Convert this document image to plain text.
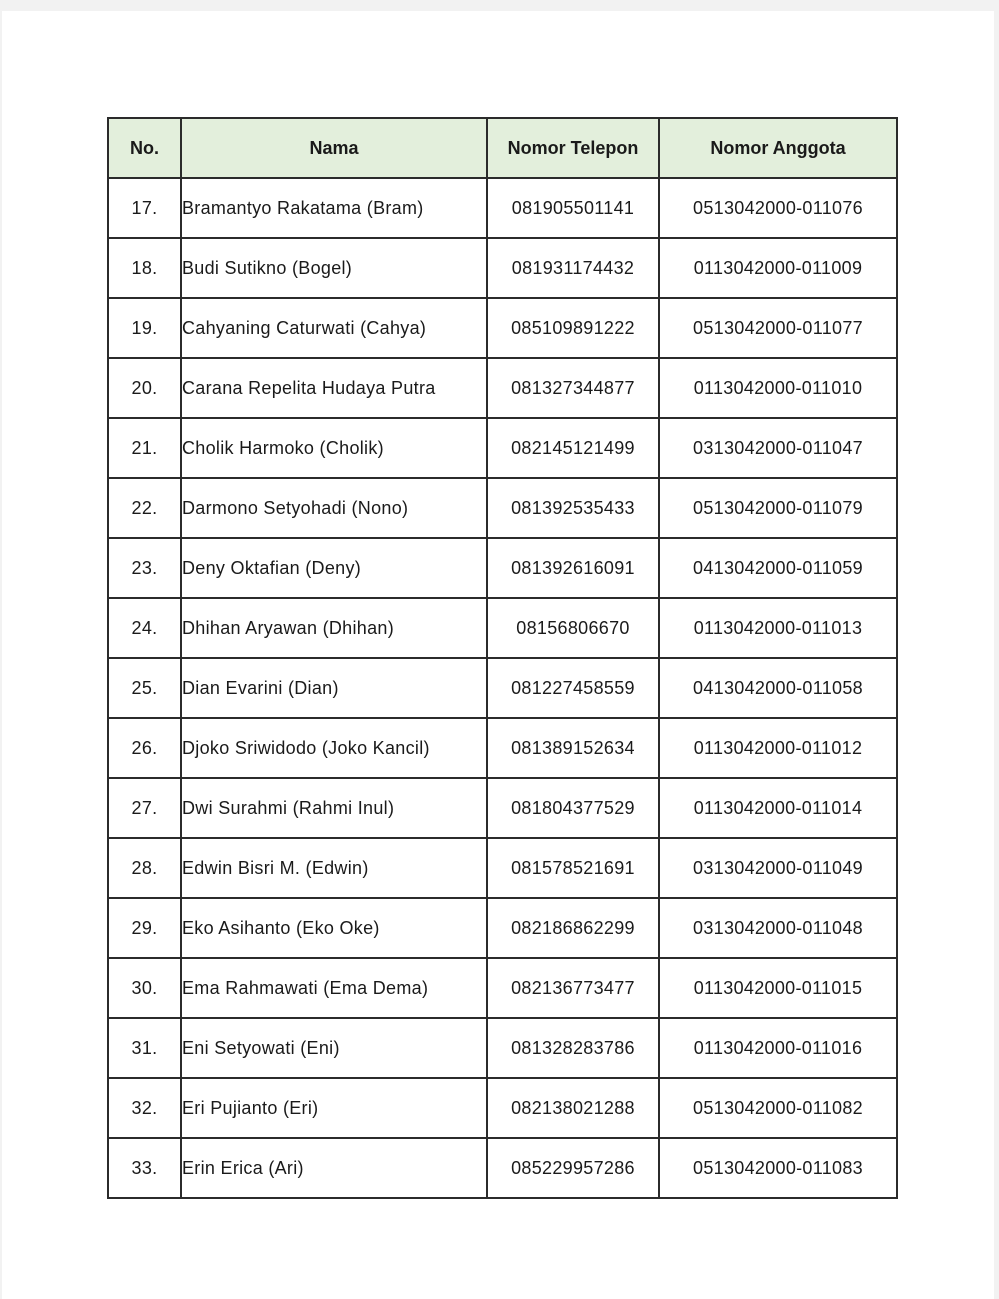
No.	Nama	Nomor Telepon	Nomor Anggota
17.	Bramantyo Rakatama (Bram)	081905501141	0513042000-011076
18.	Budi Sutikno (Bogel)	081931174432	0113042000-011009
19.	Cahyaning Caturwati (Cahya)	085109891222	0513042000-011077
20.	Carana Repelita Hudaya Putra	081327344877	0113042000-011010
21.	Cholik Harmoko (Cholik)	082145121499	0313042000-011047
22.	Darmono Setyohadi (Nono)	081392535433	0513042000-011079
23.	Deny Oktafian (Deny)	081392616091	0413042000-011059
24.	Dhihan Aryawan (Dhihan)	08156806670	0113042000-011013
25.	Dian Evarini (Dian)	081227458559	0413042000-011058
26.	Djoko Sriwidodo (Joko Kancil)	081389152634	0113042000-011012
27.	Dwi Surahmi (Rahmi Inul)	081804377529	0113042000-011014
28.	Edwin Bisri M. (Edwin)	081578521691	0313042000-011049
29.	Eko Asihanto (Eko Oke)	082186862299	0313042000-011048
30.	Ema Rahmawati (Ema Dema)	082136773477	0113042000-011015
31.	Eni Setyowati (Eni)	081328283786	0113042000-011016
32.	Eri Pujianto (Eri)	082138021288	0513042000-011082
33.	Erin Erica (Ari)	085229957286	0513042000-011083
